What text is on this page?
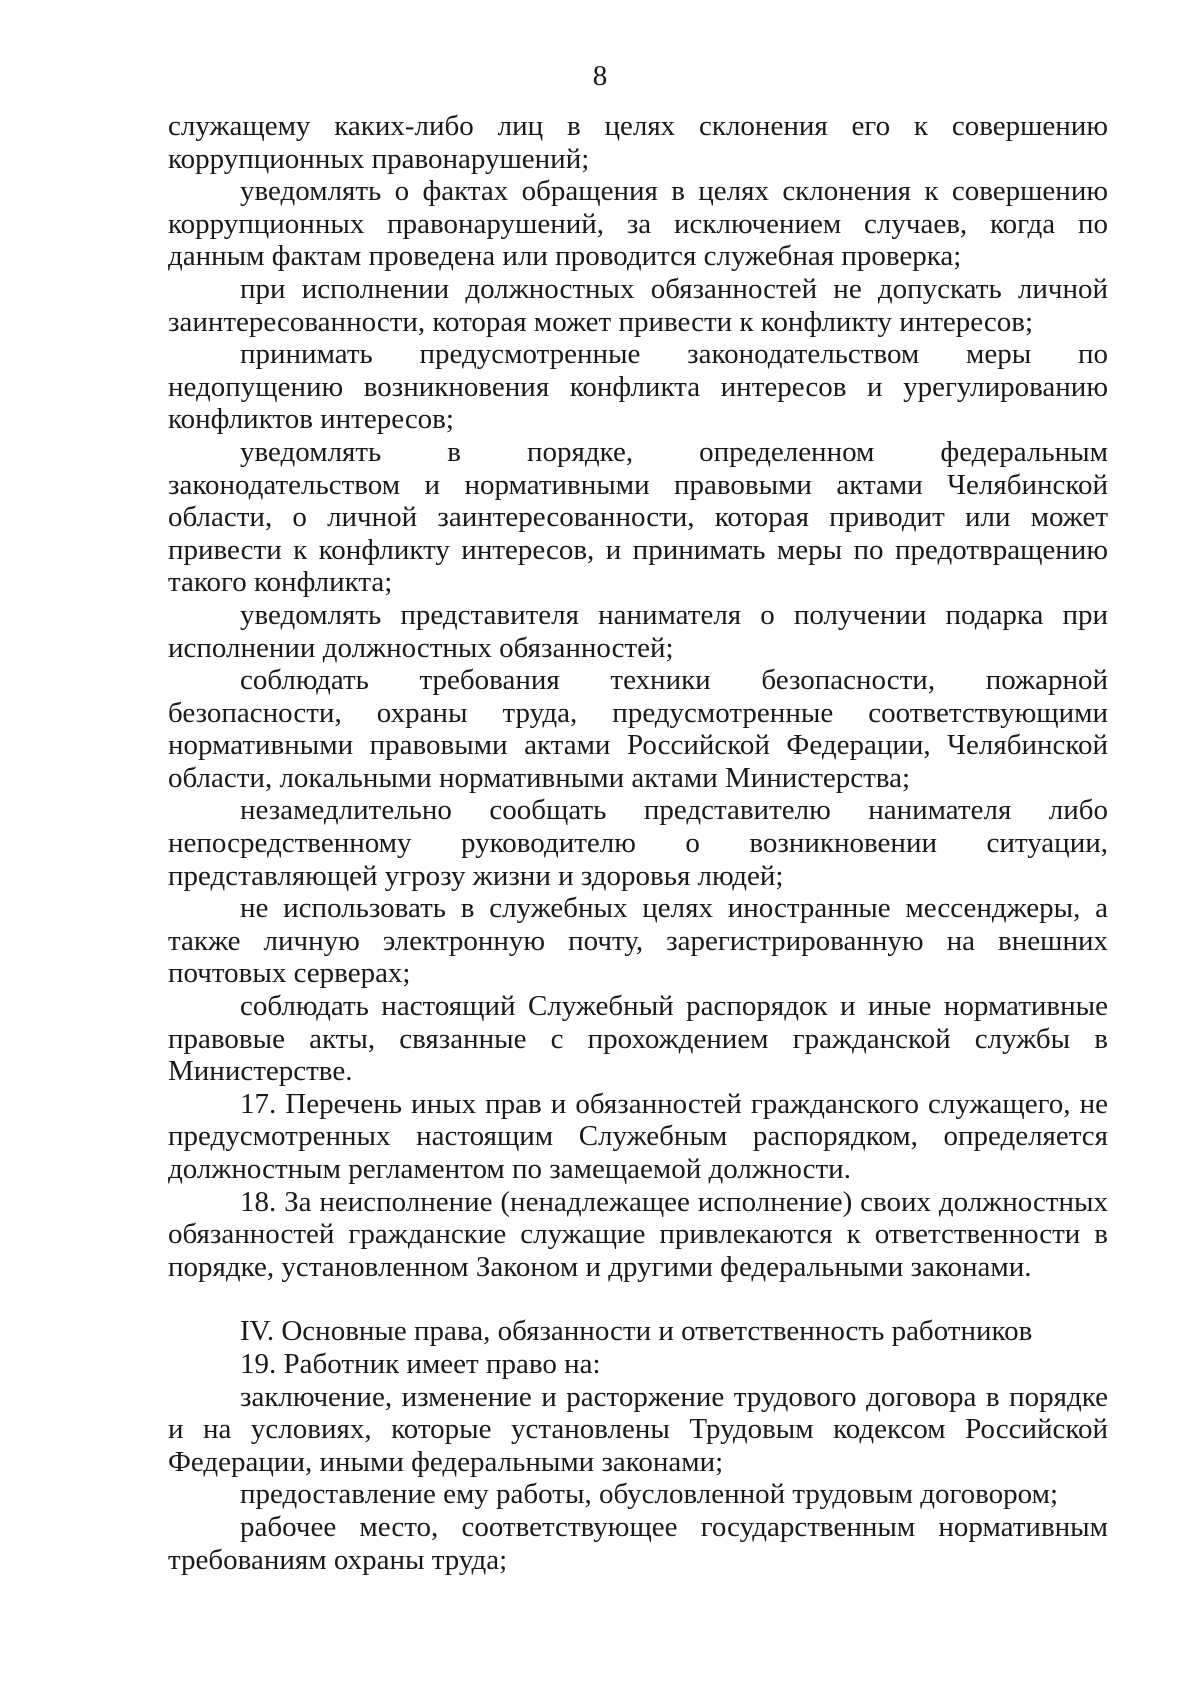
8

служащему каких-либо лиц в целях склонения его к совершению коррупционных правонарушений;

уведомлять о фактах обращения в целях склонения к совершению коррупционных правонарушений, за исключением случаев, когда по данным фактам проведена или проводится служебная проверка;

при исполнении должностных обязанностей не допускать личной заинтересованности, которая может привести к конфликту интересов;

принимать предусмотренные законодательством меры по недопущению возникновения конфликта интересов и урегулированию конфликтов интересов;

уведомлять в порядке, определенном федеральным законодательством и нормативными правовыми актами Челябинской области, о личной заинтересованности, которая приводит или может привести к конфликту интересов, и принимать меры по предотвращению такого конфликта;

уведомлять представителя нанимателя о получении подарка при исполнении должностных обязанностей;

соблюдать требования техники безопасности, пожарной безопасности, охраны труда, предусмотренные соответствующими нормативными правовыми актами Российской Федерации, Челябинской области, локальными нормативными актами Министерства;

незамедлительно сообщать представителю нанимателя либо непосредственному руководителю о возникновении ситуации, представляющей угрозу жизни и здоровья людей;

не использовать в служебных целях иностранные мессенджеры, а также личную электронную почту, зарегистрированную на внешних почтовых серверах;

соблюдать настоящий Служебный распорядок и иные нормативные правовые акты, связанные с прохождением гражданской службы в Министерстве.

17. Перечень иных прав и обязанностей гражданского служащего, не предусмотренных настоящим Служебным распорядком, определяется должностным регламентом по замещаемой должности.

18. За неисполнение (ненадлежащее исполнение) своих должностных обязанностей гражданские служащие привлекаются к ответственности в порядке, установленном Законом и другими федеральными законами.

IV. Основные права, обязанности и ответственность работников

19. Работник имеет право на:

заключение, изменение и расторжение трудового договора в порядке и на условиях, которые установлены Трудовым кодексом Российской Федерации, иными федеральными законами;

предоставление ему работы, обусловленной трудовым договором;

рабочее место, соответствующее государственным нормативным требованиям охраны труда;
